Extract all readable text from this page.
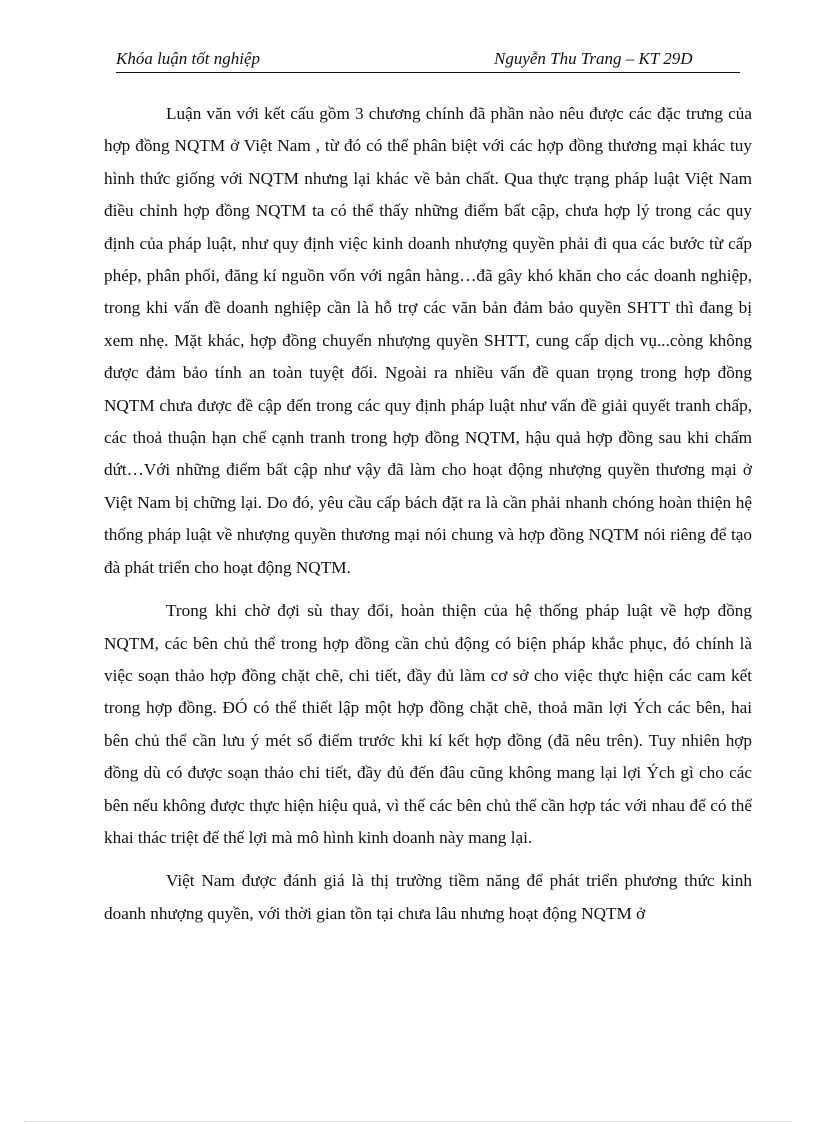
Khóa luận tốt nghiệp	Nguyễn Thu Trang – KT 29D

Luận văn với kết cấu gồm 3 chương chính đã phần nào nêu được các đặc trưng của hợp đồng NQTM ở Việt Nam , từ đó có thể phân biệt với các hợp đồng thương mại khác tuy hình thức giống với NQTM nhưng lại khác về bản chất. Qua thực trạng pháp luật Việt Nam điều chỉnh hợp đồng NQTM ta có thể thấy những điểm bất cập, chưa hợp lý trong các quy định của pháp luật, như quy định việc kinh doanh nhượng quyền phải đi qua các bước từ cấp phép, phân phối, đăng kí nguồn vốn với ngân hàng…đã gây khó khăn cho các doanh nghiệp, trong khi vấn đề doanh nghiệp cần là hỗ trợ các văn bản đảm bảo quyền SHTT thì đang bị xem nhẹ. Mặt khác, hợp đồng chuyển nhượng quyền SHTT, cung cấp dịch vụ...còng không được đảm bảo tính an toàn tuyệt đối. Ngoài ra nhiều vấn đề quan trọng trong hợp đồng NQTM chưa được đề cập đến trong các quy định pháp luật như vấn đề giải quyết tranh chấp, các thoả thuận hạn chế cạnh tranh trong hợp đồng NQTM, hậu quả hợp đồng sau khi chấm dứt…Với những điểm bất cập như vậy đã làm cho hoạt động nhượng quyền thương mại ở Việt Nam bị chững lại. Do đó, yêu cầu cấp bách đặt ra là cần phải nhanh chóng hoàn thiện hệ thống pháp luật về nhượng quyền thương mại nói chung và hợp đồng NQTM nói riêng để tạo đà phát triển cho hoạt động NQTM.

Trong khi chờ đợi sù thay đổi, hoàn thiện của hệ thống pháp luật về hợp đồng NQTM, các bên chủ thể trong hợp đồng cần chủ động có biện pháp khắc phục, đó chính là việc soạn thảo hợp đồng chặt chẽ, chi tiết, đầy đủ làm cơ sở cho việc thực hiện các cam kết trong hợp đồng. ĐÓ có thể thiết lập một hợp đồng chặt chẽ, thoả mãn lợi Ých các bên, hai bên chủ thể cần lưu ý mét số điểm trước khi kí kết hợp đồng (đã nêu trên). Tuy nhiên hợp đồng dù có được soạn thảo chi tiết, đầy đủ đến đâu cũng không mang lại lợi Ých gì cho các bên nếu không được thực hiện hiệu quả, vì thế các bên chủ thể cần hợp tác với nhau để có thể khai thác triệt để thế lợi mà mô hình kinh doanh này mang lại.

Việt Nam được đánh giá là thị trường tiềm năng để phát triển phương thức kinh doanh nhượng quyền, với thời gian tồn tại chưa lâu nhưng hoạt động NQTM ở
